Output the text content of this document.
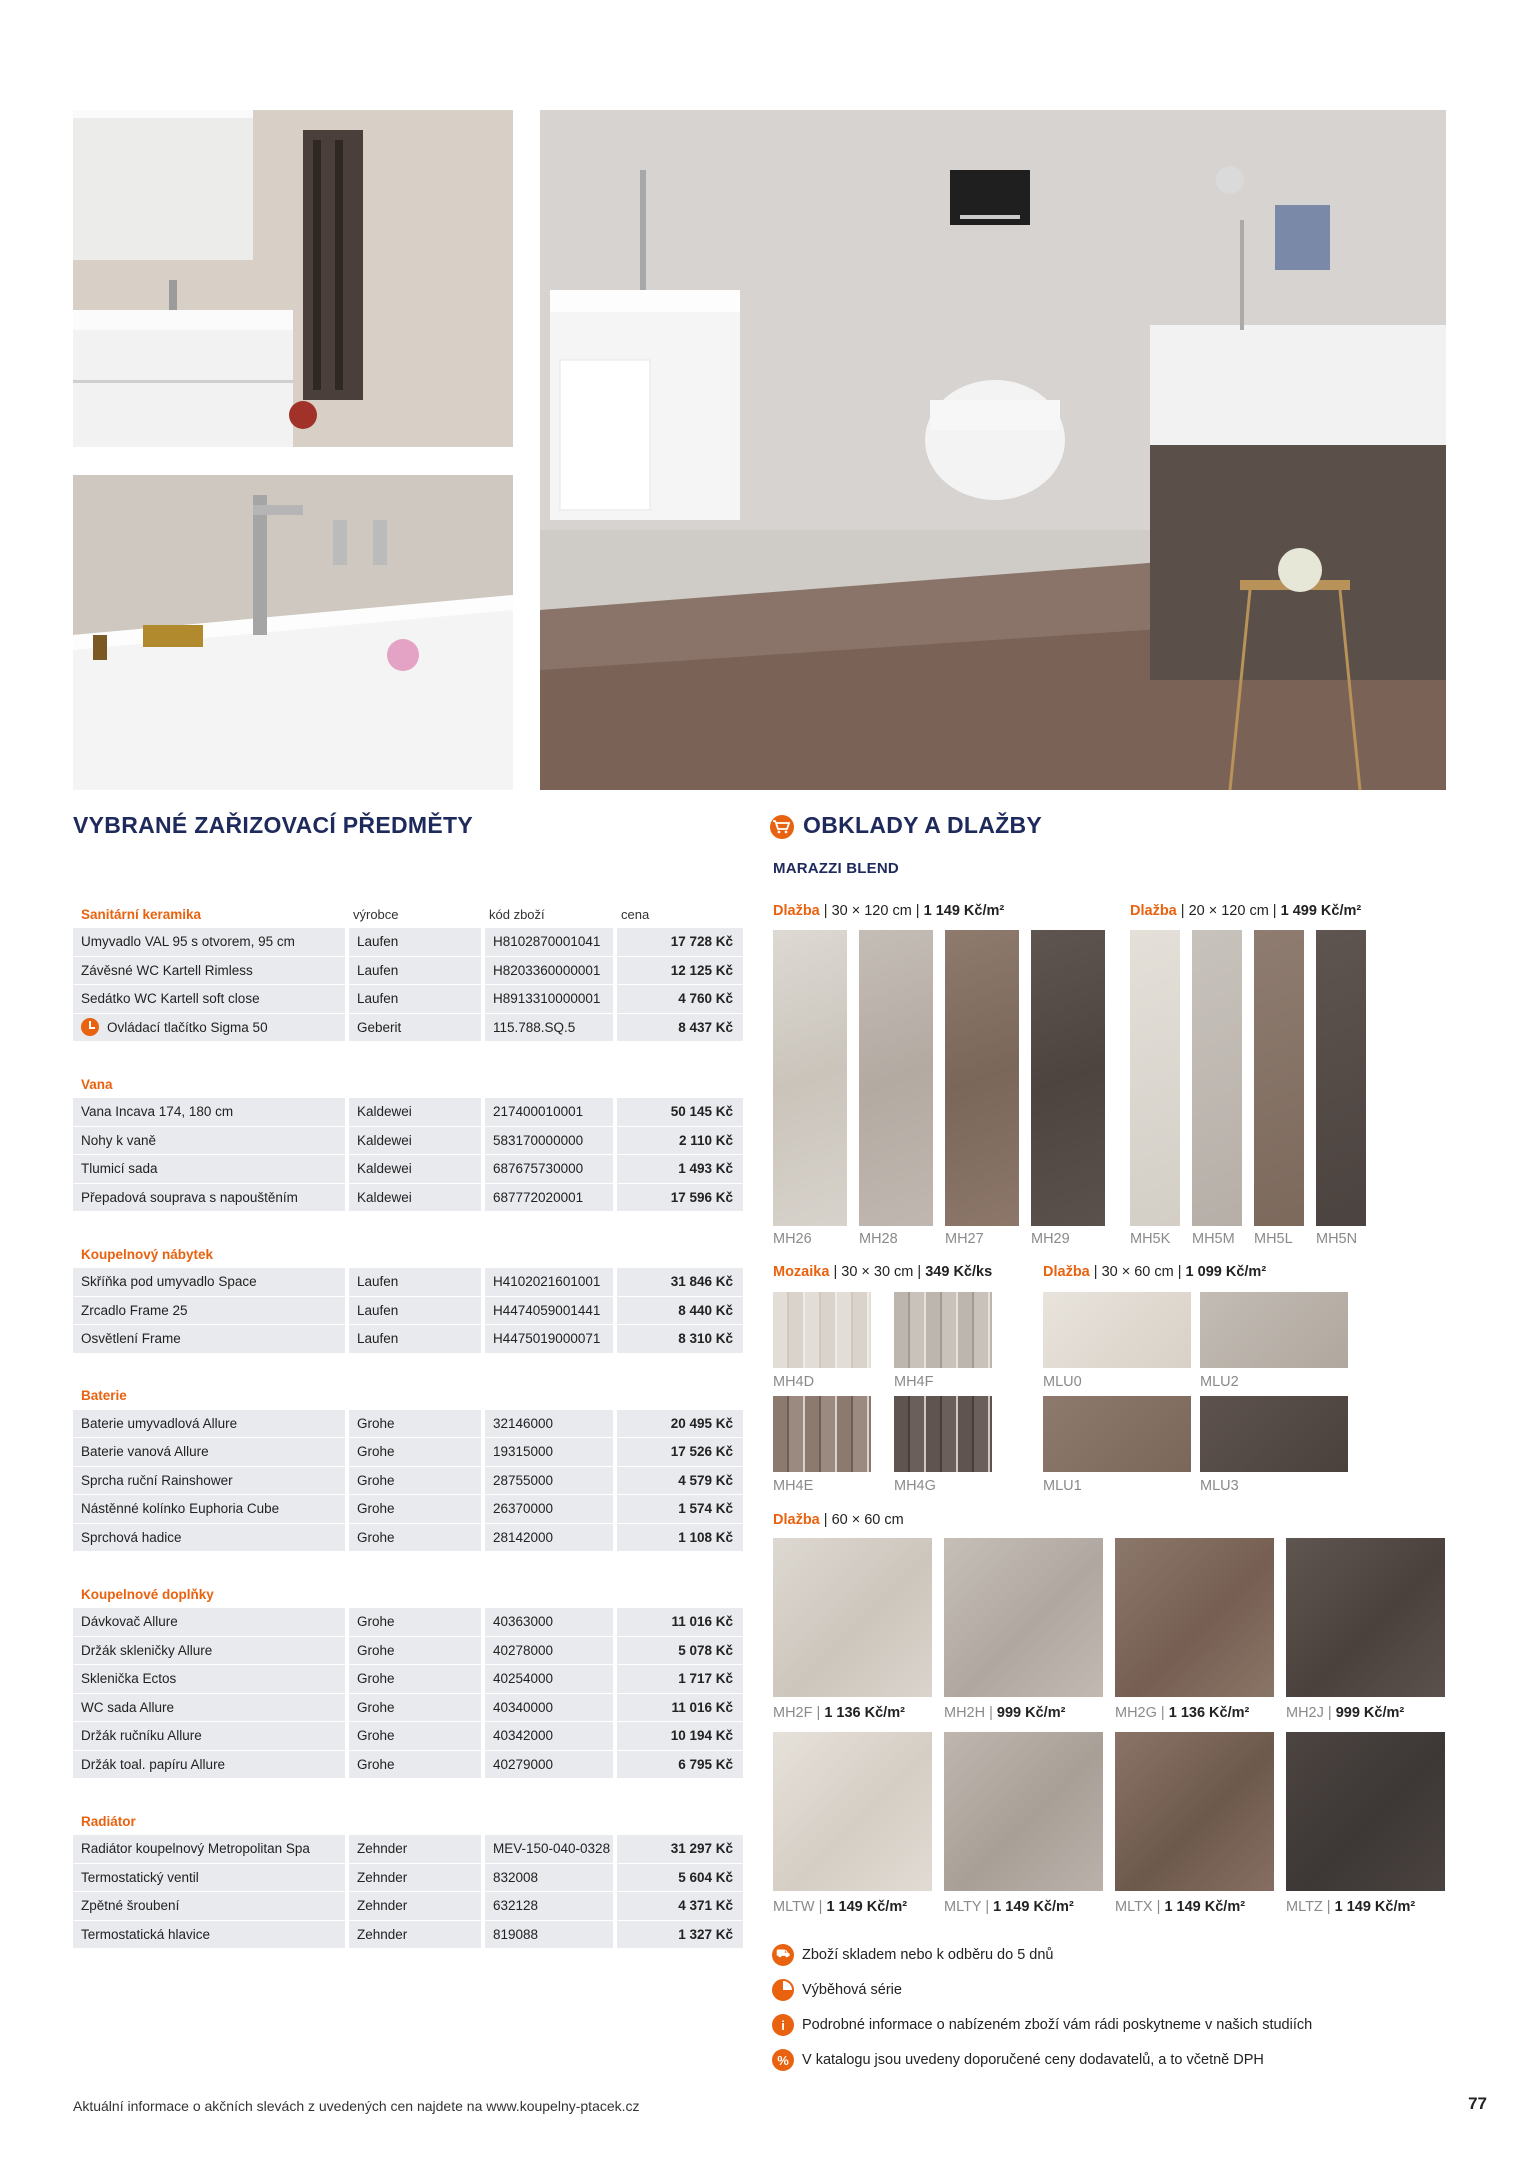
VYBRANÉ ZAŘIZOVACÍ PŘEDMĚTY	OBKLADY A DLAŽBY
MARAZZI BLEND
Sanitární keramika	výrobce	kód zboží	cena
Umyvadlo VAL 95 s otvorem, 95 cm	Laufen	H8102870001041	17 728 Kč
Závěsné WC Kartell Rimless	Laufen	H8203360000001	12 125 Kč
Sedátko WC Kartell soft close	Laufen	H8913310000001	4 760 Kč
Ovládací tlačítko Sigma 50	Geberit	115.788.SQ.5	8 437 Kč
Vana
Vana Incava 174, 180 cm	Kaldewei	217400010001	50 145 Kč
Nohy k vaně	Kaldewei	583170000000	2 110 Kč
Tlumicí sada	Kaldewei	687675730000	1 493 Kč
Přepadová souprava s napouštěním	Kaldewei	687772020001	17 596 Kč
Koupelnový nábytek
Skříňka pod umyvadlo Space	Laufen	H4102021601001	31 846 Kč
Zrcadlo Frame 25	Laufen	H4474059001441	8 440 Kč
Osvětlení Frame	Laufen	H4475019000071	8 310 Kč
Baterie
Baterie umyvadlová Allure	Grohe	32146000	20 495 Kč
Baterie vanová Allure	Grohe	19315000	17 526 Kč
Sprcha ruční Rainshower	Grohe	28755000	4 579 Kč
Nástěnné kolínko Euphoria Cube	Grohe	26370000	1 574 Kč
Sprchová hadice	Grohe	28142000	1 108 Kč
Koupelnové doplňky
Dávkovač Allure	Grohe	40363000	11 016 Kč
Držák skleničky Allure	Grohe	40278000	5 078 Kč
Sklenička Ectos	Grohe	40254000	1 717 Kč
WC sada Allure	Grohe	40340000	11 016 Kč
Držák ručníku Allure	Grohe	40342000	10 194 Kč
Držák toal. papíru Allure	Grohe	40279000	6 795 Kč
Radiátor
Radiátor koupelnový Metropolitan Spa	Zehnder	MEV-150-040-0328	31 297 Kč
Termostatický ventil	Zehnder	832008	5 604 Kč
Zpětné šroubení	Zehnder	632128	4 371 Kč
Termostatická hlavice	Zehnder	819088	1 327 Kč
Dlažba | 30 × 120 cm | 1 149 Kč/m²	Dlažba | 20 × 120 cm | 1 499 Kč/m²
MH26	MH28	MH27	MH29	MH5K MH5M MH5L MH5N
Mozaika | 30 × 30 cm | 349 Kč/ks	Dlažba | 30 × 60 cm | 1 099 Kč/m²
MH4D	MH4F
MH4E	MH4G
MLU0	MLU2
MLU1	MLU3
Dlažba | 60 × 60 cm
MH2F | 1 136 Kč/m²	MH2H | 999 Kč/m²	MH2G | 1 136 Kč/m²	MH2J | 999 Kč/m²
MLTW | 1 149 Kč/m²	MLTY | 1 149 Kč/m²	MLTX | 1 149 Kč/m²	MLTZ | 1 149 Kč/m²
⛟ Zboží skladem nebo k odběru do 5 dnů
Výběhová série
i	Podrobné informace o nabízeném zboží vám rádi poskytneme v našich studiích
% V katalogu jsou uvedeny doporučené ceny dodavatelů, a to včetně DPH
Aktuální informace o akčních slevách z uvedených cen najdete na www.koupelny-ptacek.cz	77
